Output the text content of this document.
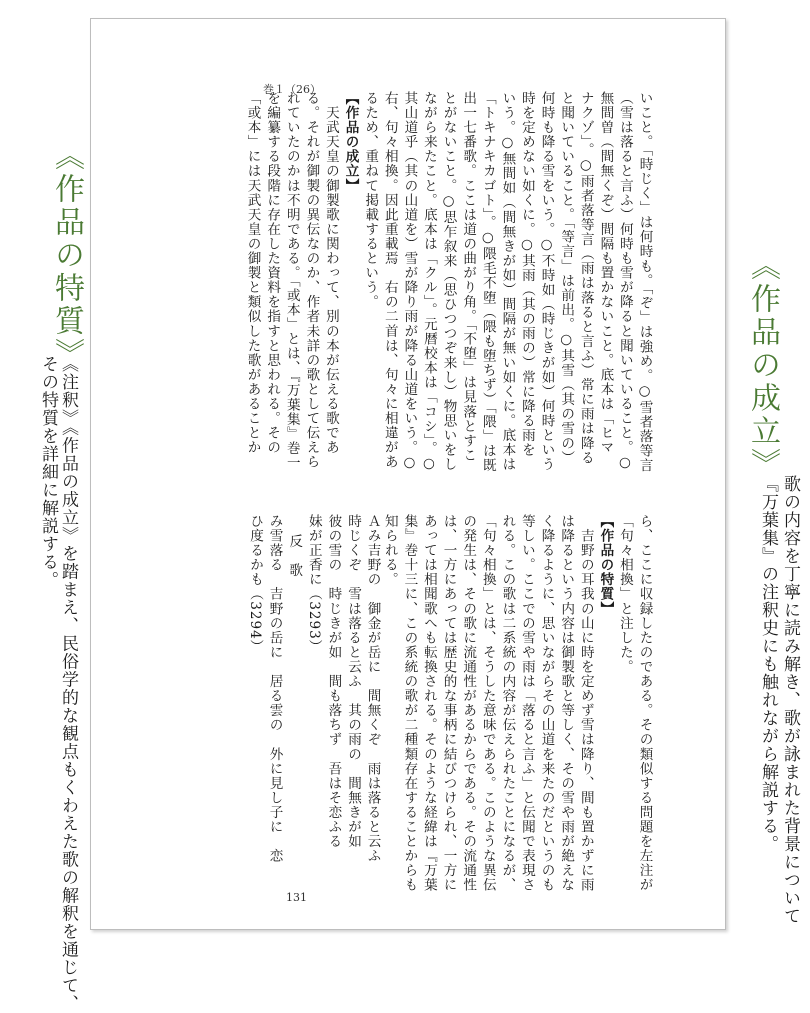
巻１（26）
いこと。「時じく」は何時も。「ぞ」は強め。○雪者落等言
（雪は落ると言ふ）何時も雪が降ると聞いていること。○
無間曽（間無くぞ）間隔も置かないこと。底本は「ヒマ
ナクゾ」。○雨者落等言（雨は落ると言ふ）常に雨は降る
と聞いていること。「等言」は前出。○其雪（其の雪の）
何時も降る雪をいう。○不時如（時じきが如）何時という
時を定めない如くに。○其雨（其の雨の）常に降る雨を
いう。○無間如（間無きが如）間隔が無い如くに。底本は
「トキナキカゴト」。○隈毛不堕（隈も堕ちず）「隈」は既
出一七番歌。ここは道の曲がり角。「不堕」は見落とすこ
とがないこと。○思乍叙来（思ひつつぞ来し）物思いをし
ながら来たこと。底本は「クル」。元暦校本は「コシ」。○
其山道乎（其の山道を）雪が降り雨が降る山道をいう。○
右、句々相換。因此重載焉　右の二首は、句々に相違があ
るため、重ねて掲載するという。
【作品の成立】
　天武天皇の御製歌に関わって、別の本が伝える歌であ
る。それが御製の異伝なのか、作者未詳の歌として伝えら
れていたのかは不明である。「或本」とは、『万葉集』巻一
を編纂する段階に存在した資料を指すと思われる。その
「或本」には天武天皇の御製と類似した歌があることか
ら、ここに収録したのである。その類似する問題を左注が
「句々相換」と注した。
【作品の特質】
　吉野の耳我の山に時を定めず雪は降り、間も置かずに雨
は降るという内容は御製歌と等しく、その雪や雨が絶えな
く降るように、思いながらその山道を来たのだというのも
等しい。ここでの雪や雨は「落ると言ふ」と伝聞で表現さ
れる。この歌は二系統の内容が伝えられたことになるが、
「句々相換」とは、そうした意味である。このような異伝
の発生は、その歌に流通性があるからである。その流通性
は、一方にあっては歴史的な事柄に結びつけられ、一方に
あっては相聞歌へも転換される。そのような経緯は『万葉
集』巻十三に、この系統の歌が二種類存在することからも
知られる。
Ａみ吉野の　御金が岳に　間無くぞ　雨は落ると云ふ
時じくぞ　雪は落ると云ふ　其の雨の　間無きが如
彼の雪の　時じきが如　間も落ちず　吾はそ恋ふる
妹が正香に（3293）
反　歌
み雪落る　吉野の岳に　居る雲の　外に見し子に　恋
ひ度るかも（3294）
131
《作品の特質》
《注釈》《作品の成立》を踏まえ、民俗学的な観点もくわえた歌の解釈を通じて、
その特質を詳細に解説する。	《作品の成立》
歌の内容を丁寧に読み解き、歌が詠まれた背景について
『万葉集』の注釈史にも触れながら解説する。
